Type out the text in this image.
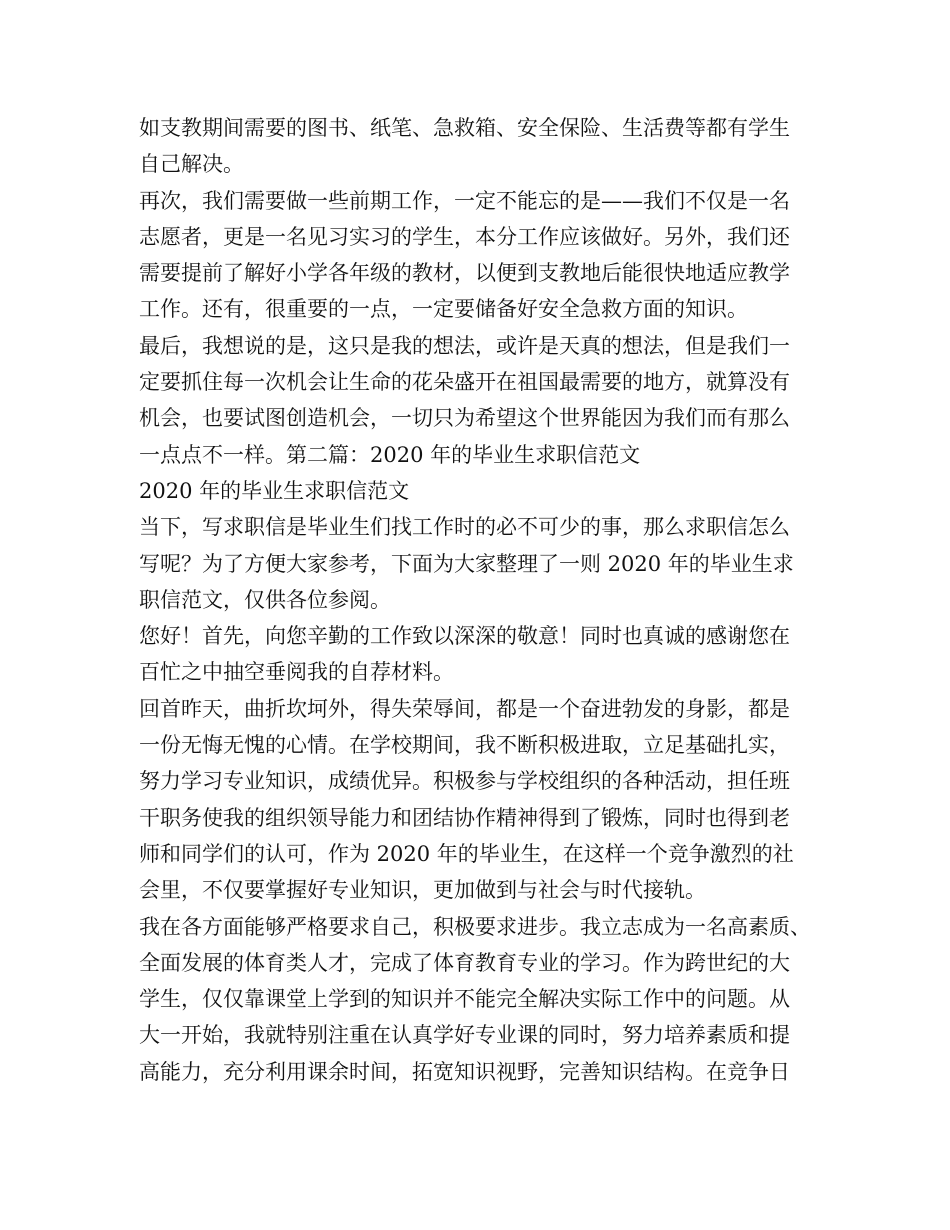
如支教期间需要的图书、纸笔、急救箱、安全保险、生活费等都有学生
自己解决。
再次，我们需要做一些前期工作，一定不能忘的是——我们不仅是一名
志愿者，更是一名见习实习的学生，本分工作应该做好。另外，我们还
需要提前了解好小学各年级的教材，以便到支教地后能很快地适应教学
工作。还有，很重要的一点，一定要储备好安全急救方面的知识。
最后，我想说的是，这只是我的想法，或许是天真的想法，但是我们一
定要抓住每一次机会让生命的花朵盛开在祖国最需要的地方，就算没有
机会，也要试图创造机会，一切只为希望这个世界能因为我们而有那么
一点点不一样。第二篇：2020 年的毕业生求职信范文
2020 年的毕业生求职信范文
当下，写求职信是毕业生们找工作时的必不可少的事，那么求职信怎么
写呢？为了方便大家参考，下面为大家整理了一则 2020 年的毕业生求
职信范文，仅供各位参阅。
您好！首先，向您辛勤的工作致以深深的敬意！同时也真诚的感谢您在
百忙之中抽空垂阅我的自荐材料。
回首昨天，曲折坎坷外，得失荣辱间，都是一个奋进勃发的身影，都是
一份无悔无愧的心情。在学校期间，我不断积极进取，立足基础扎实，
努力学习专业知识，成绩优异。积极参与学校组织的各种活动，担任班
干职务使我的组织领导能力和团结协作精神得到了锻炼，同时也得到老
师和同学们的认可，作为 2020 年的毕业生，在这样一个竞争激烈的社
会里，不仅要掌握好专业知识，更加做到与社会与时代接轨。
我在各方面能够严格要求自己，积极要求进步。我立志成为一名高素质、
全面发展的体育类人才，完成了体育教育专业的学习。作为跨世纪的大
学生，仅仅靠课堂上学到的知识并不能完全解决实际工作中的问题。从
大一开始，我就特别注重在认真学好专业课的同时，努力培养素质和提
高能力，充分利用课余时间，拓宽知识视野，完善知识结构。在竞争日
